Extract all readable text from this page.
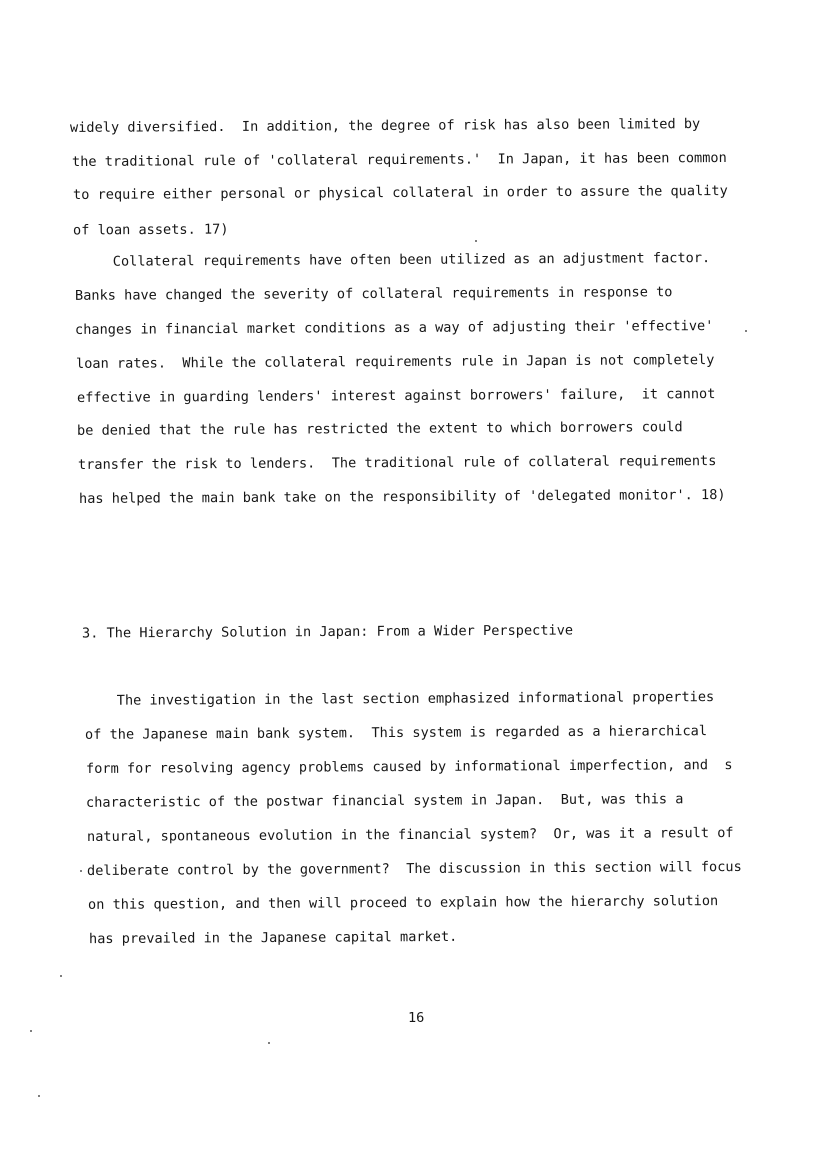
widely diversified.  In addition, the degree of risk has also been limited by
the traditional rule of 'collateral requirements.'  In Japan, it has been common
to require either personal or physical collateral in order to assure the quality
of loan assets. 17)
Collateral requirements have often been utilized as an adjustment factor.
Banks have changed the severity of collateral requirements in response to
changes in financial market conditions as a way of adjusting their 'effective'
loan rates.  While the collateral requirements rule in Japan is not completely
effective in guarding lenders' interest against borrowers' failure,  it cannot
be denied that the rule has restricted the extent to which borrowers could
transfer the risk to lenders.  The traditional rule of collateral requirements
has helped the main bank take on the responsibility of 'delegated monitor'. 18)
3. The Hierarchy Solution in Japan: From a Wider Perspective
The investigation in the last section emphasized informational properties
of the Japanese main bank system.  This system is regarded as a hierarchical
form for resolving agency problems caused by informational imperfection, and  s
characteristic of the postwar financial system in Japan.  But, was this a
natural, spontaneous evolution in the financial system?  Or, was it a result of
deliberate control by the government?  The discussion in this section will focus
on this question, and then will proceed to explain how the hierarchy solution
has prevailed in the Japanese capital market.
16
